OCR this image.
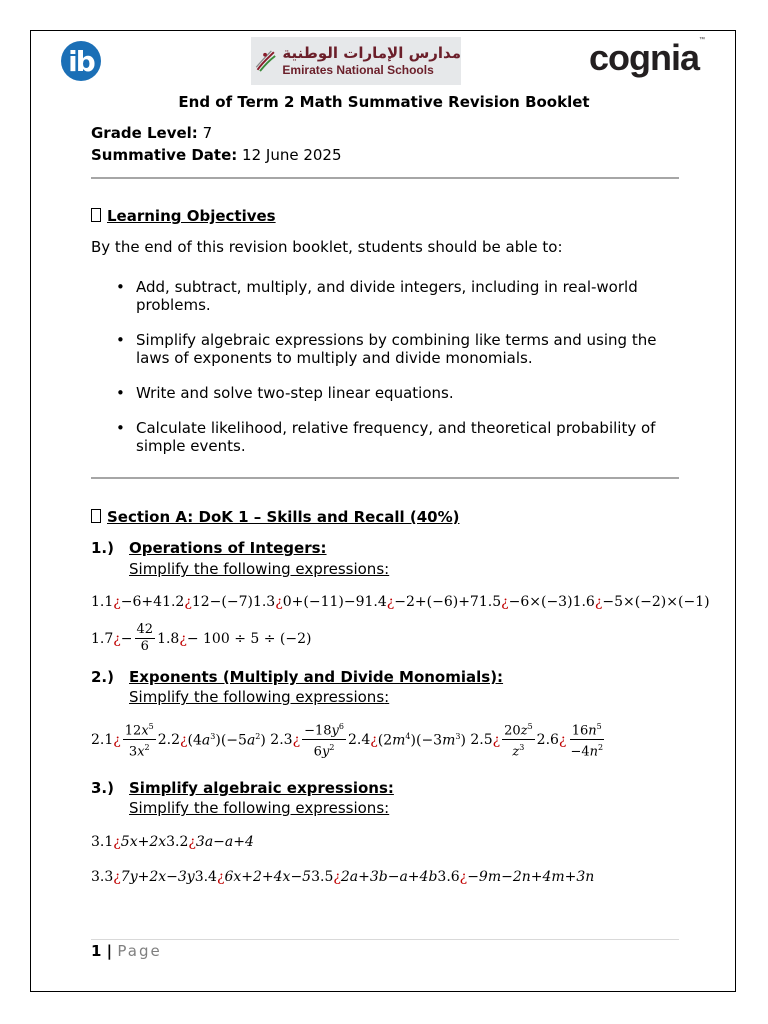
ib	مدارس الإمارات الوطنية
Emirates National Schools	cognia™
End of Term 2 Math Summative Revision Booklet
Grade Level: 7
Summative Date: 12 June 2025
Learning Objectives
By the end of this revision booklet, students should be able to:
• Add, subtract, multiply, and divide integers, including in real-world problems.
• Simplify algebraic expressions by combining like terms and using the laws of exponents to multiply and divide monomials.
• Write and solve two-step linear equations.
• Calculate likelihood, relative frequency, and theoretical probability of simple events.
Section A: DoK 1 – Skills and Recall (40%)
1.) Operations of Integers:
Simplify the following expressions:
1.1 ¿ −6+4 1.2 ¿ 12−(−7) 1.3 ¿ 0+(−11)−9 1.4 ¿ −2+(−6)+7 1.5 ¿ −6×(−3) 1.6 ¿ −5×(−2)×(−1)
1.7 ¿ − $\frac{42}{6} 1.8$ ¿ − 100 ÷ 5 ÷ (−2)
2.) Exponents (Multiply and Divide Monomials):
Simplify the following expressions:
2.1 ¿ $\frac{12x^5}{3x^2} 2.2$ ¿ $(4a^3)(-5a^2)$ 2.3 ¿ $\frac{-18y^6}{6y^2} 2.4$ ¿ $(2m^4)(-3m^3)$ 2.5 ¿ $\frac{20z^5}{z^3} 2.6$ ¿ $\frac{16n^5}{-4n^2}$
3.) Simplify algebraic expressions:
Simplify the following expressions:
3.1 ¿ 5x+2x 3.2 ¿ 3a−a+4
3.3 ¿ 7y+2x−3y 3.4 ¿ 6x+2+4x−5 3.5 ¿ 2a+3b−a+4b 3.6 ¿ −9m−2n+4m+3n
1 | Page
